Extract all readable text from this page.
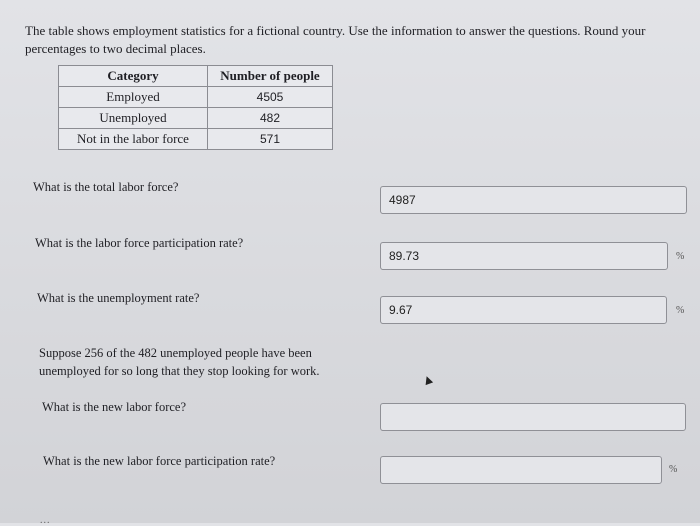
The table shows employment statistics for a fictional country. Use the information to answer the questions. Round your
percentages to two decimal places.
Category	Number of people
Employed	4505
Unemployed	482
Not in the labor force	571
What is the total labor force?
4987
What is the labor force participation rate?
89.73	%
What is the unemployment rate?
9.67	%
Suppose 256 of the 482 unemployed people have been
unemployed for so long that they stop looking for work.
What is the new labor force?
What is the new labor force participation rate?
%
...
